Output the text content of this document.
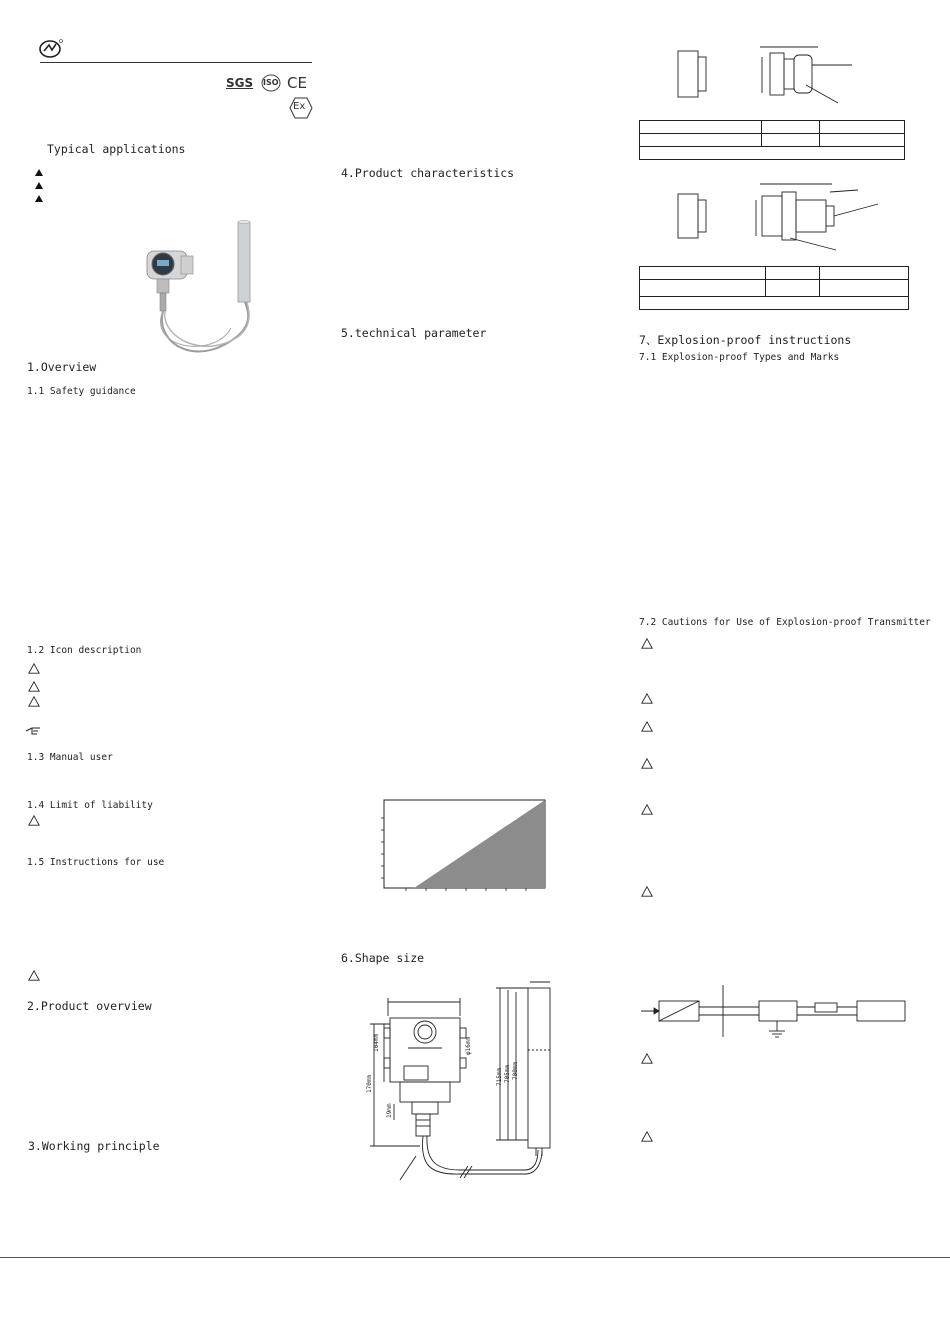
SGS ISO CE
Ex
Typical applications
1.Overview
1.1 Safety guidance
1.2 Icon description
1.3 Manual user
1.4 Limit of liability
1.5 Instructions for use
2.Product overview
3.Working principle
4.Product characteristics
5.technical parameter
6.Shape size
104mm
170mm
φ16mm
715mm 705mm 700mm
19mm

7、Explosion-proof instructions
7.1 Explosion-proof Types and Marks
7.2 Cautions for Use of Explosion-proof Transmitter
